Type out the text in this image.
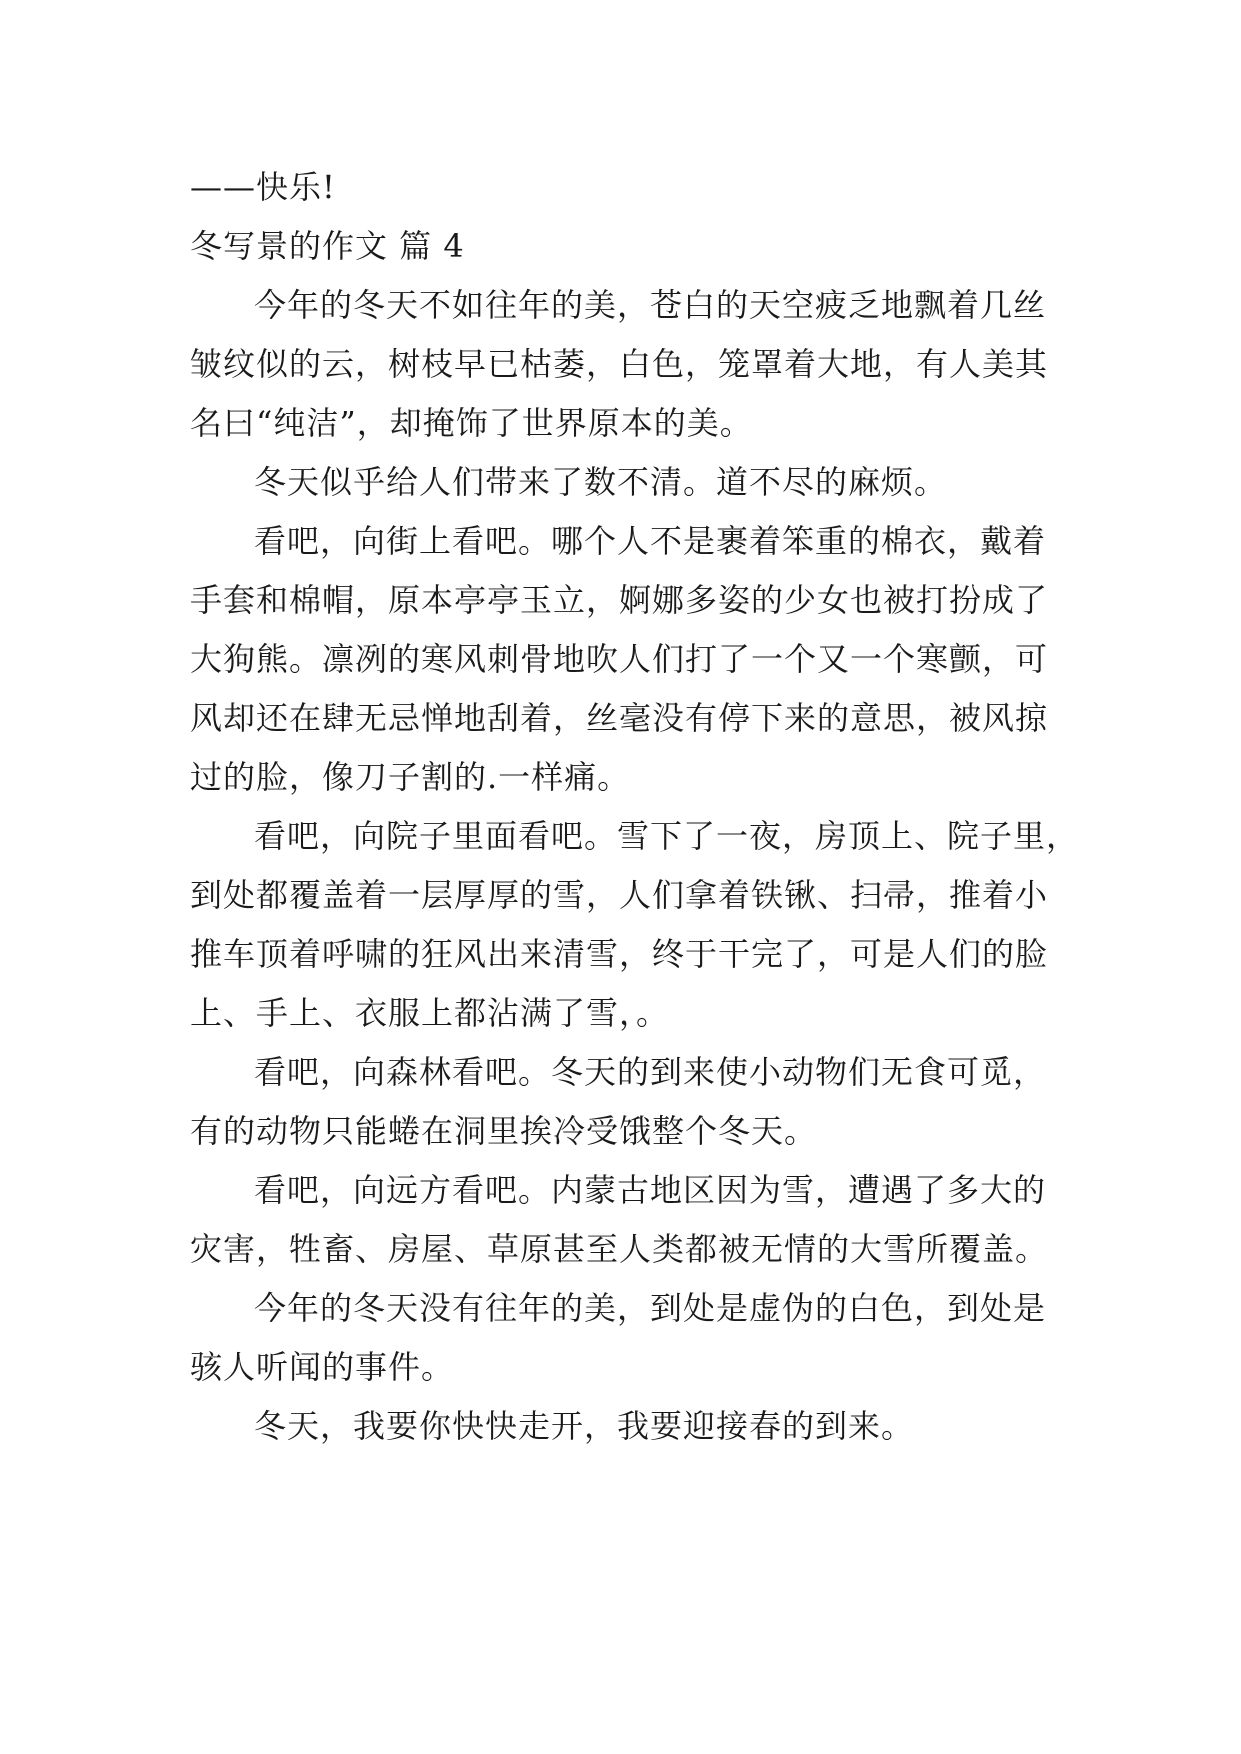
——快乐!
冬写景的作文 篇 4

今年的冬天不如往年的美，苍白的天空疲乏地飘着几丝
皱纹似的云，树枝早已枯萎，白色，笼罩着大地，有人美其
名曰“纯洁”，却掩饰了世界原本的美。

冬天似乎给人们带来了数不清。道不尽的麻烦。

看吧，向街上看吧。哪个人不是裹着笨重的棉衣，戴着
手套和棉帽，原本亭亭玉立，婀娜多姿的少女也被打扮成了
大狗熊。凛冽的寒风刺骨地吹人们打了一个又一个寒颤，可
风却还在肆无忌惮地刮着，丝毫没有停下来的意思，被风掠
过的脸，像刀子割的.一样痛。

看吧，向院子里面看吧。雪下了一夜，房顶上、院子里，
到处都覆盖着一层厚厚的雪，人们拿着铁锹、扫帚，推着小
推车顶着呼啸的狂风出来清雪，终于干完了，可是人们的脸
上、手上、衣服上都沾满了雪，。

看吧，向森林看吧。冬天的到来使小动物们无食可觅，
有的动物只能蜷在洞里挨冷受饿整个冬天。

看吧，向远方看吧。内蒙古地区因为雪，遭遇了多大的
灾害，牲畜、房屋、草原甚至人类都被无情的大雪所覆盖。

今年的冬天没有往年的美，到处是虚伪的白色，到处是
骇人听闻的事件。

冬天，我要你快快走开，我要迎接春的到来。
